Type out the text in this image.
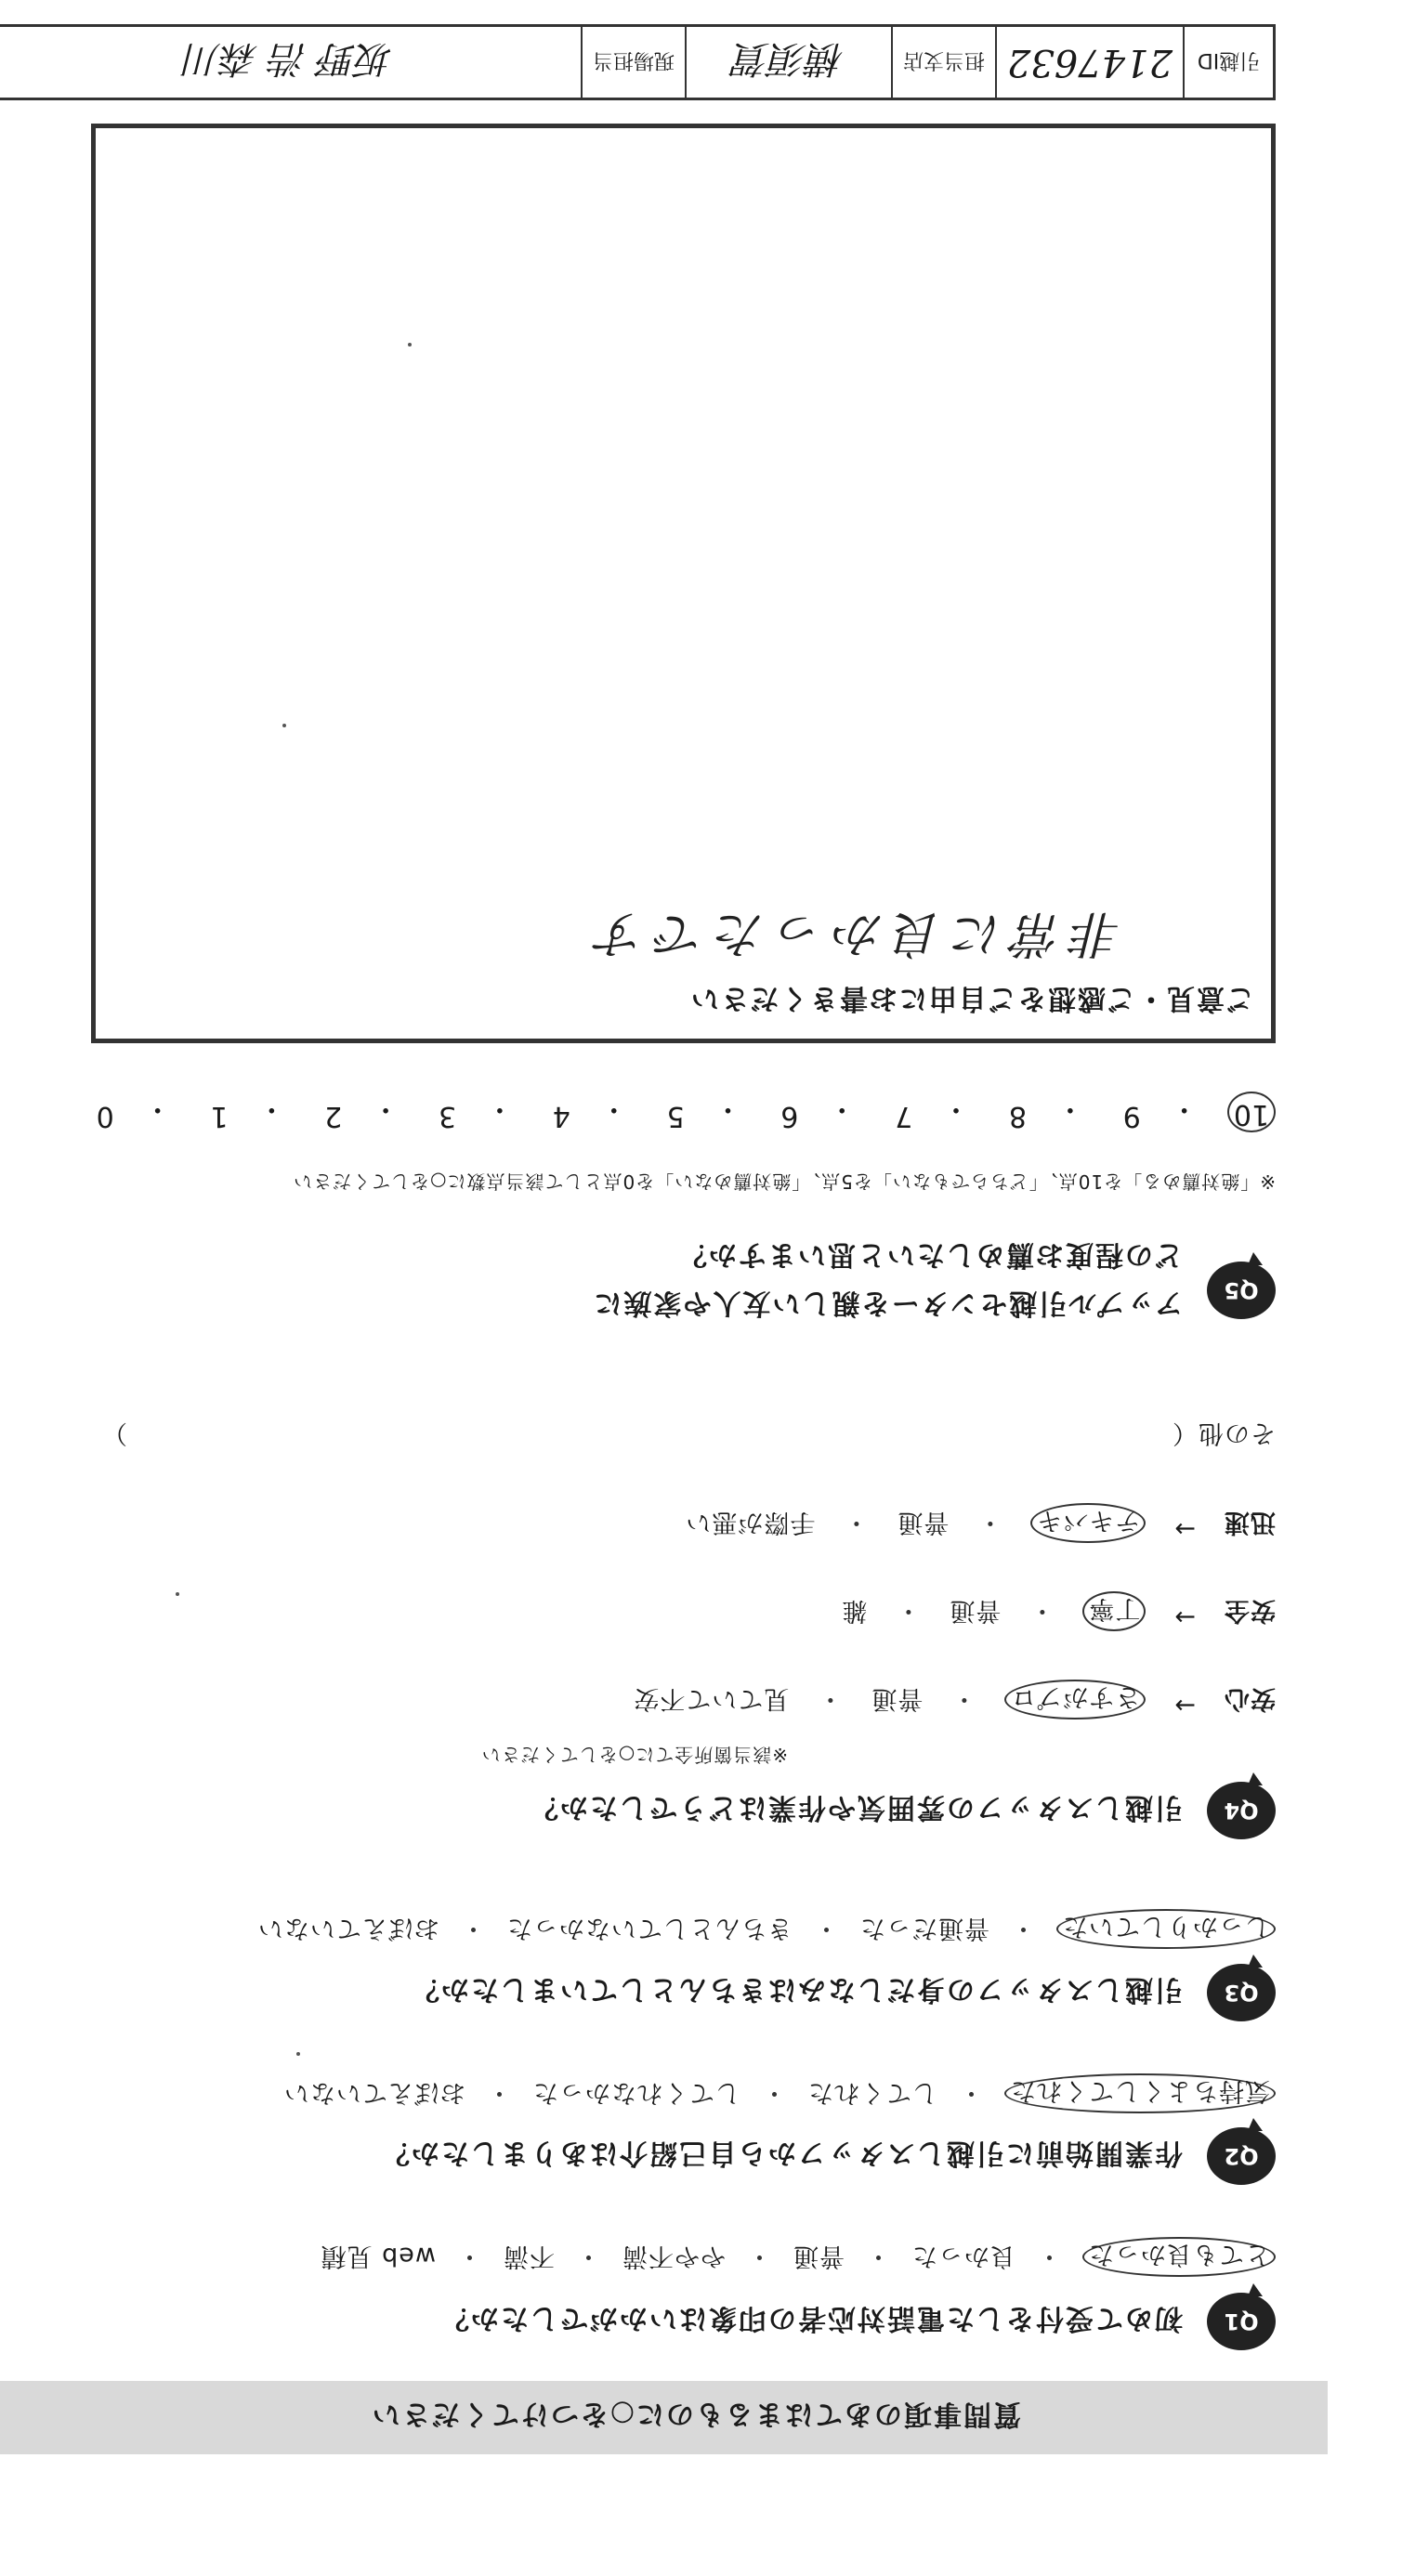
質問事項のあてはまるものに○をつけてください
Q1
初めて受付をした電話対応者の印象はいかがでしたか？
とても良かった
・
良かった
・
普通
・
やや不満
・
不満
・
web 見積
Q2
作業開始前に引越しスタッフから自己紹介はありましたか？
気持ちよくしてくれた
・
してくれた
・
してくれなかった
・
おぼえていない
Q3
引越しスタッフの身だしなみはきちんとしていましたか？
しっかりしていた
・
普通だった
・
きちんとしていなかった
・
おぼえていない
Q4
引越しスタッフの雰囲気や作業はどうでしたか？
※該当箇所全てに○をしてください
安心
→
さすがプロ
・
普通
・
見ていて不安
安全
→
丁寧
・
普通
・
雑
迅速
→
テキパキ
・
普通
・
手際が悪い
その他（
）
Q5
アップル引越センターを親しい友人や家族に
どの程度お薦めしたいと思いますか？
※「絶対薦める」を10点、「どちらでもない」を5点、「絶対薦めない」を0点として該当点数に○をしてください
10
・
9
・
8
・
7
・
6
・
5
・
4
・
3
・
2
・
1
・
0
ご意見・ご感想をご自由にお書きください
非常に良かったです
引越ID
2147632
担当支店
横須賀
現場担当
坂野 浩 森川
